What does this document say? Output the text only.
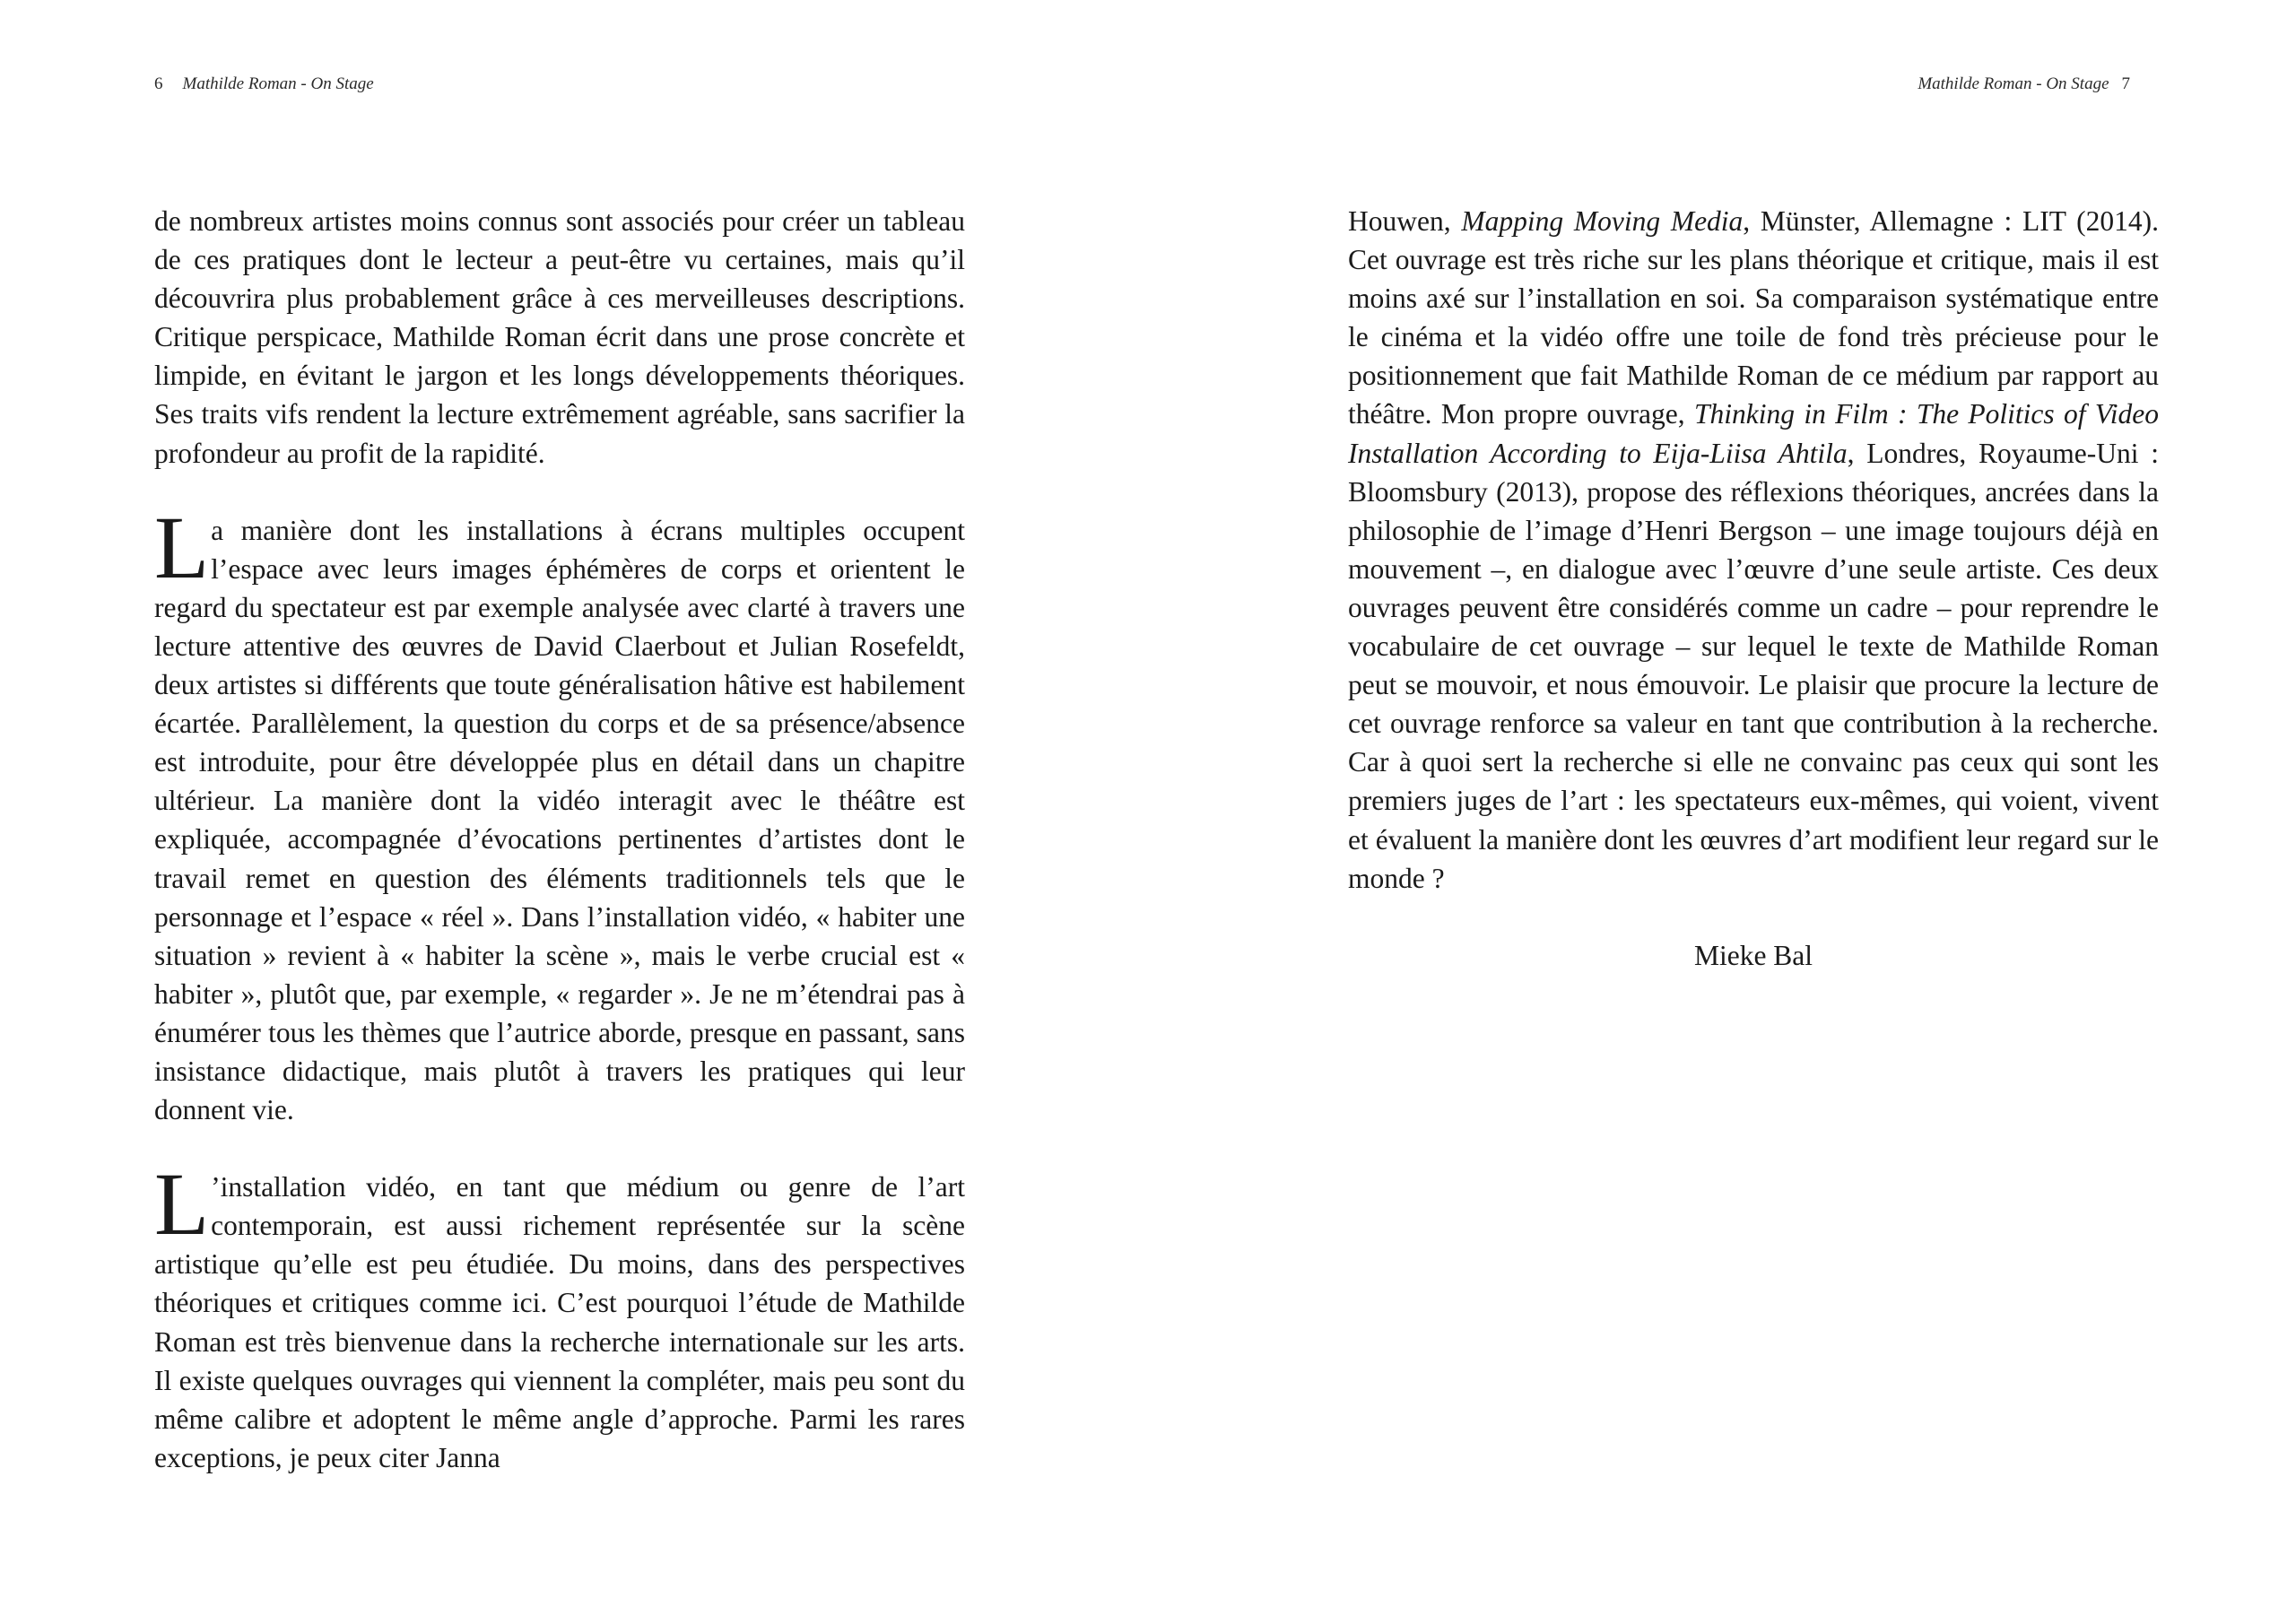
6 Mathilde Roman - On Stage

de nombreux artistes moins connus sont associés pour créer un tableau de ces pratiques dont le lecteur a peut-être vu certaines, mais qu’il découvrira plus probablement grâce à ces merveilleuses descriptions. Critique perspicace, Mathilde Roman écrit dans une prose concrète et limpide, en évitant le jargon et les longs développements théoriques. Ses traits vifs rendent la lecture extrêmement agréable, sans sacrifier la profondeur au profit de la rapidité.

La manière dont les installations à écrans multiples occupent l’espace avec leurs images éphémères de corps et orientent le regard du spectateur est par exemple analysée avec clarté à travers une lecture attentive des œuvres de David Claerbout et Julian Rosefeldt, deux artistes si différents que toute généralisation hâtive est habilement écartée. Parallèlement, la question du corps et de sa présence/absence est introduite, pour être développée plus en détail dans un chapitre ultérieur. La manière dont la vidéo interagit avec le théâtre est expliquée, accompagnée d’évocations pertinentes d’artistes dont le travail remet en question des éléments traditionnels tels que le personnage et l’espace « réel ». Dans l’installation vidéo, « habiter une situation » revient à « habiter la scène », mais le verbe crucial est « habiter », plutôt que, par exemple, « regarder ». Je ne m’étendrai pas à énumérer tous les thèmes que l’autrice aborde, presque en passant, sans insistance didactique, mais plutôt à travers les pratiques qui leur donnent vie.

L ’installation vidéo, en tant que médium ou genre de l’art contemporain, est aussi richement représentée sur la scène artistique qu’elle est peu étudiée. Du moins, dans des perspectives théoriques et critiques comme ici. C’est pourquoi l’étude de Mathilde Roman est très bienvenue dans la recherche internationale sur les arts. Il existe quelques ouvrages qui viennent la compléter, mais peu sont du même calibre et adoptent le même angle d’approche. Parmi les rares exceptions, je peux citer Janna

Mathilde Roman - On Stage 7

Houwen, Mapping Moving Media, Münster, Allemagne : LIT (2014). Cet ouvrage est très riche sur les plans théorique et critique, mais il est moins axé sur l’installation en soi. Sa comparaison systématique entre le cinéma et la vidéo offre une toile de fond très précieuse pour le positionnement que fait Mathilde Roman de ce médium par rapport au théâtre. Mon propre ouvrage, Thinking in Film : The Politics of Video Installation According to Eija-Liisa Ahtila, Londres, Royaume-Uni : Bloomsbury (2013), propose des réflexions théoriques, ancrées dans la philosophie de l’image d’Henri Bergson – une image toujours déjà en mouvement –, en dialogue avec l’œuvre d’une seule artiste. Ces deux ouvrages peuvent être considérés comme un cadre – pour reprendre le vocabulaire de cet ouvrage – sur lequel le texte de Mathilde Roman peut se mouvoir, et nous émouvoir. Le plaisir que procure la lecture de cet ouvrage renforce sa valeur en tant que contribution à la recherche. Car à quoi sert la recherche si elle ne convainc pas ceux qui sont les premiers juges de l’art : les spectateurs eux-mêmes, qui voient, vivent et évaluent la manière dont les œuvres d’art modifient leur regard sur le monde ?

Mieke Bal
